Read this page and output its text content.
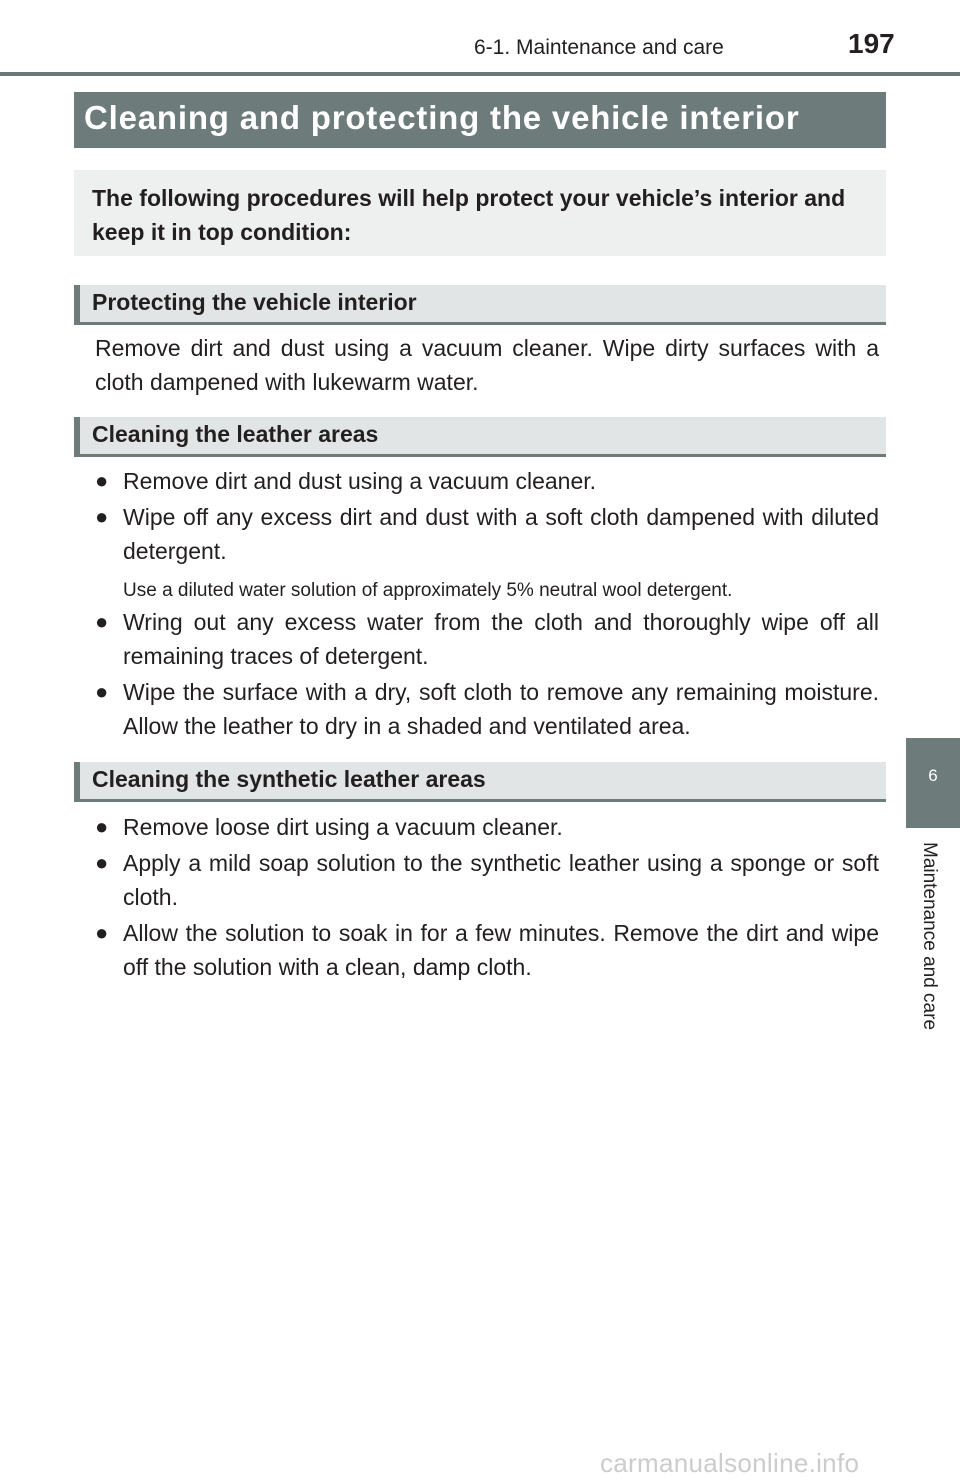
6-1. Maintenance and care	197
Cleaning and protecting the vehicle interior
The following procedures will help protect your vehicle’s interior and keep it in top condition:
Protecting the vehicle interior
Remove dirt and dust using a vacuum cleaner. Wipe dirty surfaces with a cloth dampened with lukewarm water.
Cleaning the leather areas
● Remove dirt and dust using a vacuum cleaner.
● Wipe off any excess dirt and dust with a soft cloth dampened with diluted detergent.
Use a diluted water solution of approximately 5% neutral wool detergent.
● Wring out any excess water from the cloth and thoroughly wipe off all remaining traces of detergent.
● Wipe the surface with a dry, soft cloth to remove any remaining moisture. Allow the leather to dry in a shaded and ventilated area.
Cleaning the synthetic leather areas
● Remove loose dirt using a vacuum cleaner.
● Apply a mild soap solution to the synthetic leather using a sponge or soft cloth.
● Allow the solution to soak in for a few minutes. Remove the dirt and wipe off the solution with a clean, damp cloth.
6
Maintenance and care
carmanualsonline.info
